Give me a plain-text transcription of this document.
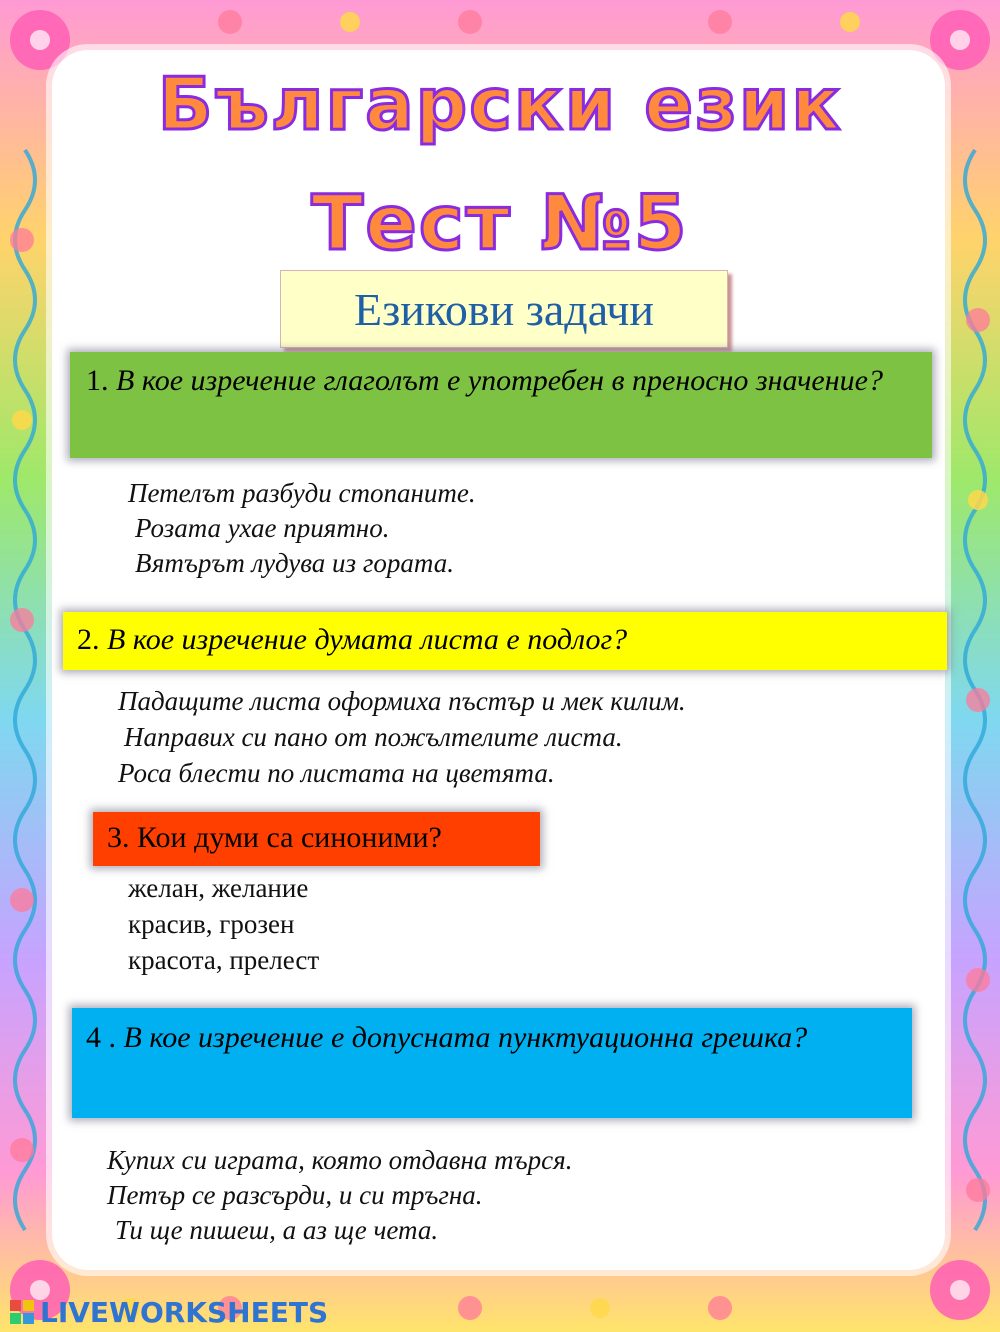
Български език
Тест №5
Езикови задачи
1. В кое изречение глаголът е употребен в преносно значение?
Петелът разбуди стопаните.
Розата ухае приятно.
Вятърът лудува из гората.
2. В кое изречение думата листа е подлог?
Падащите листа оформиха пъстър и мек килим.
Направих си пано от пожълтелите листа.
Роса блести по листата на цветята.
3. Кои думи са синоними?
желан, желание
красив, грозен
красота, прелест
4 . В кое изречение е допусната пунктуационна грешка?
Купих си играта, която отдавна търся.
Петър се разсърди, и си тръгна.
Ти ще пишеш, а аз ще чета.
LIVEWORKSHEETS
